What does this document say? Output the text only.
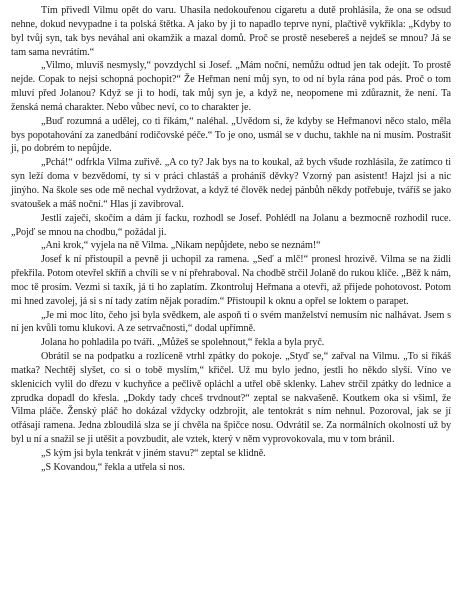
Tím přivedl Vilmu opět do varu. Uhasila nedokouřenou cigaretu a dutě prohlásila, že ona se odsud nehne, dokud nevypadne i ta polská štětka. A jako by ji to napadlo teprve nyní, plačtivě vykřikla: „Kdyby to byl tvůj syn, tak bys neváhal ani okamžik a mazal domů. Proč se prostě nesebereš a nejdeš se mnou? Já se tam sama nevrátím.“

„Vilmo, mluvíš nesmysly,“ povzdychl si Josef. „Mám noční, nemůžu odtud jen tak odejít. To prostě nejde. Copak to nejsi schopná pochopit?“ Že Heřman není můj syn, to od ní byla rána pod pás. Proč o tom mluví před Jolanou? Když se ji to hodí, tak můj syn je, a když ne, neopomene mi zdůraznit, že není. Ta ženská nemá charakter. Nebo vůbec neví, co to charakter je.

„Buď rozumná a udělej, co ti říkám,“ naléhal. „Uvědom si, že kdyby se Heřmanovi něco stalo, měla bys popotahování za zanedbání rodičovské péče.“ To je ono, usmál se v duchu, takhle na ni musím. Postrašit ji, po dobrém to nepůjde.

„Pchá!“ odfrkla Vilma zuřivě. „A co ty? Jak bys na to koukal, až bych všude rozhlásila, že zatímco ti syn leží doma v bezvědomí, ty si v práci chlastáš a proháníš děvky? Vzorný pan asistent! Hajzl jsi a nic jinýho. Na škole ses ode mě nechal vydržovat, a když té člověk nedej pánbůh někdy potřebuje, tváříš se jako svatoušek a máš noční.“ Hlas jí zavibroval.

Jestli zaječí, skočím a dám jí facku, rozhodl se Josef. Pohlédl na Jolanu a bezmocně rozhodil ruce. „Pojď se mnou na chodbu,“ požádal ji.

„Ani krok,“ vyjela na ně Vilma. „Nikam nepůjdete, nebo se neznám!“

Josef k ní přistoupil a pevně ji uchopil za ramena. „Seď a mlč!“ pronesl hrozivě. Vilma se na židli překřila. Potom otevřel skříň a chvíli se v ní přehraboval. Na chodbě strčil Jolaně do rukou klíče. „Běž k nám, moc tě prosím. Vezmi si taxík, já ti ho zaplatím. Zkontroluj Heřmana a otevři, až přijede pohotovost. Potom mi hned zavolej, já si s ní tady zatím nějak poradím.“ Přistoupil k oknu a opřel se loktem o parapet.

„Je mi moc líto, čeho jsi byla svědkem, ale aspoň ti o svém manželství nemusím nic nalhávat. Jsem s ní jen kvůli tomu klukovi. A ze setrvačnosti,“ dodal upřímně.

Jolana ho pohladila po tváři. „Můžeš se spolehnout,“ řekla a byla pryč.

Obrátil se na podpatku a rozlíceně vtrhl zpátky do pokoje. „Styď se,“ zařval na Vilmu. „To si říkáš matka? Nechtěj slyšet, co si o tobě myslím,“ křičel. Už mu bylo jedno, jestli ho někdo slyší. Víno ve sklenicích vylil do dřezu v kuchyňce a pečlivě opláchl a utřel obě sklenky. Lahev strčil zpátky do lednice a zprudka dopadl do křesla. „Dokdy tady chceš trvdnout?“ zeptal se nakvašeně. Koutkem oka si všiml, že Vilma pláče. Ženský pláč ho dokázal vždycky odzbrojit, ale tentokrát s ním nehnul. Pozoroval, jak se jí otřásají ramena. Jedna zbloudilá slza se jí chvěla na špičce nosu. Odvrátil se. Za normálních okolností už by byl u ní a snažil se ji utěšit a povzbudit, ale vztek, který v něm vyprovokovala, mu v tom bránil.

„S kým jsi byla tenkrát v jiném stavu?“ zeptal se klidně.

„S Kovandou,“ řekla a utřela si nos.
